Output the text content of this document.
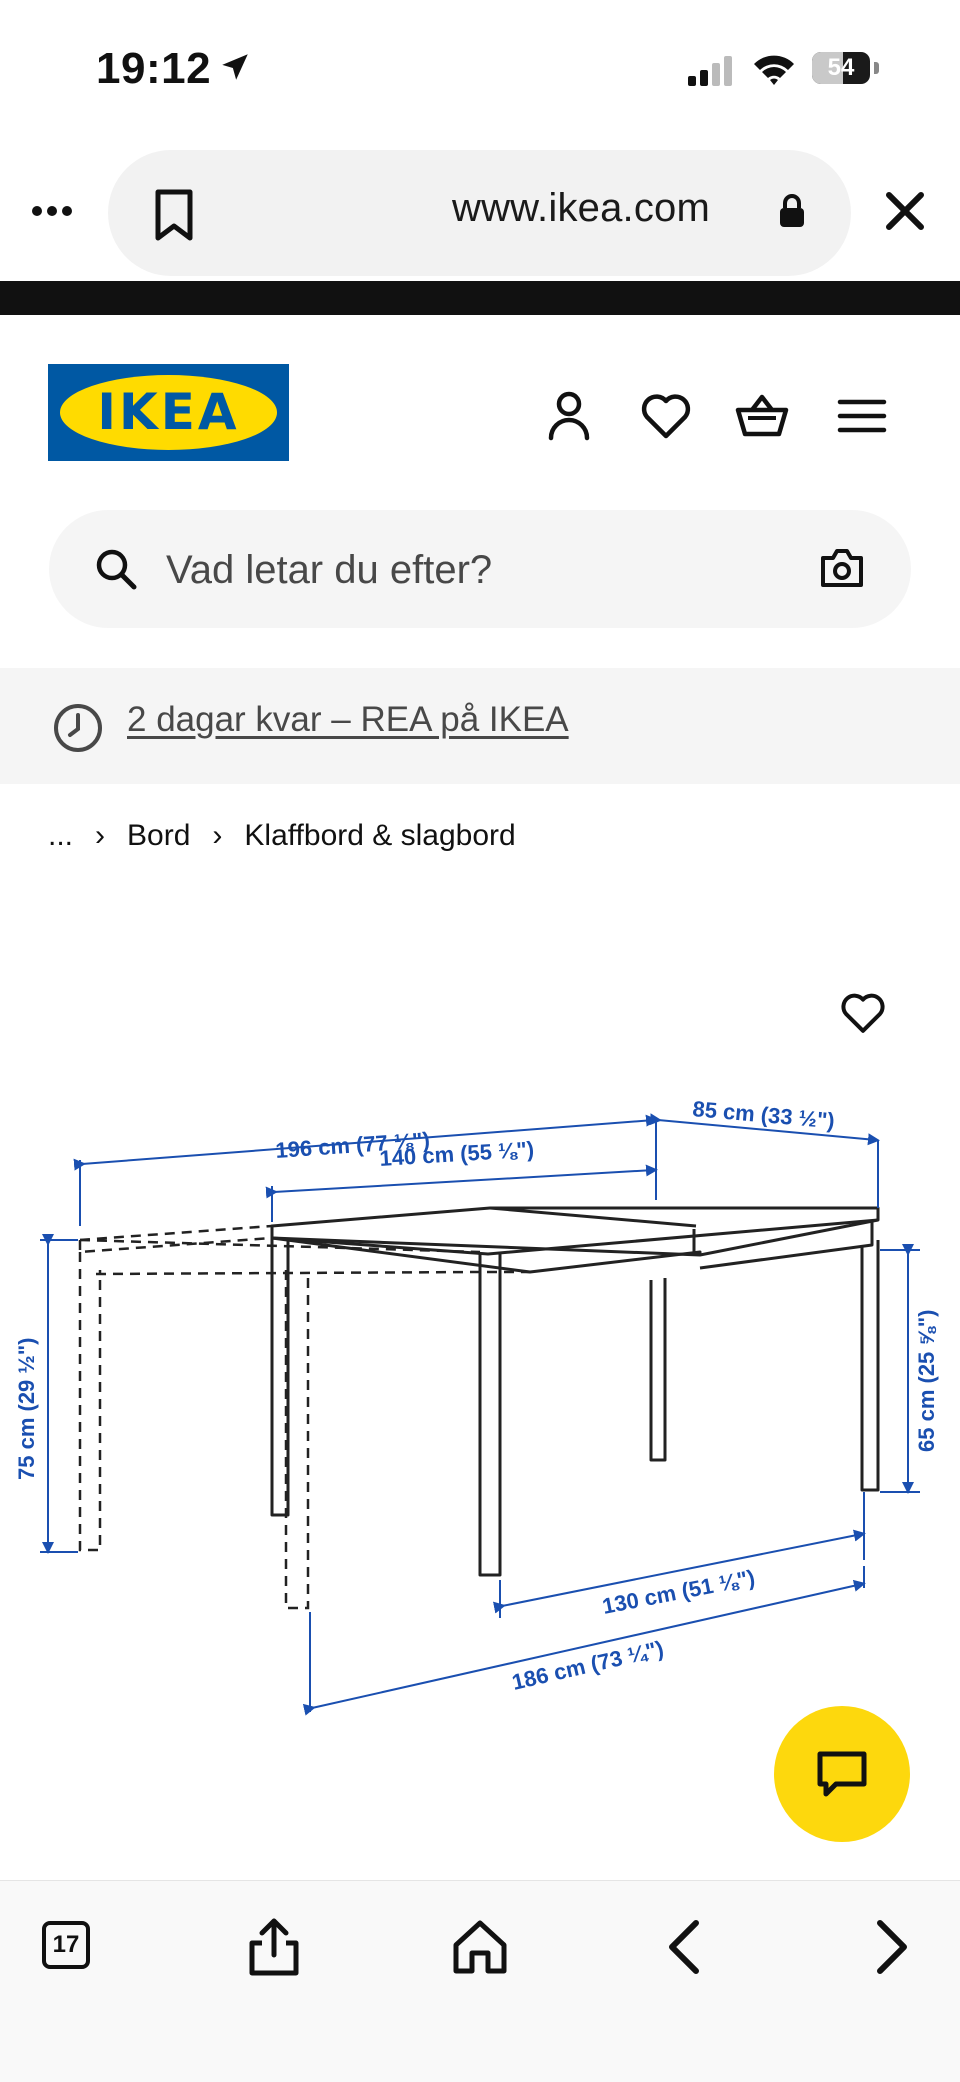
19:12	54
www.ikea.com
IKEA
Vad letar du efter?
2 dagar kvar – REA på IKEA
... › Bord › Klaffbord & slagbord
196 cm (77 ⅛")
140 cm (55 ⅛")
85 cm (33 ½")
75 cm (29 ½")	65 cm (25 ⅝")
130 cm (51 ⅛")
186 cm (73 ¼")
17
